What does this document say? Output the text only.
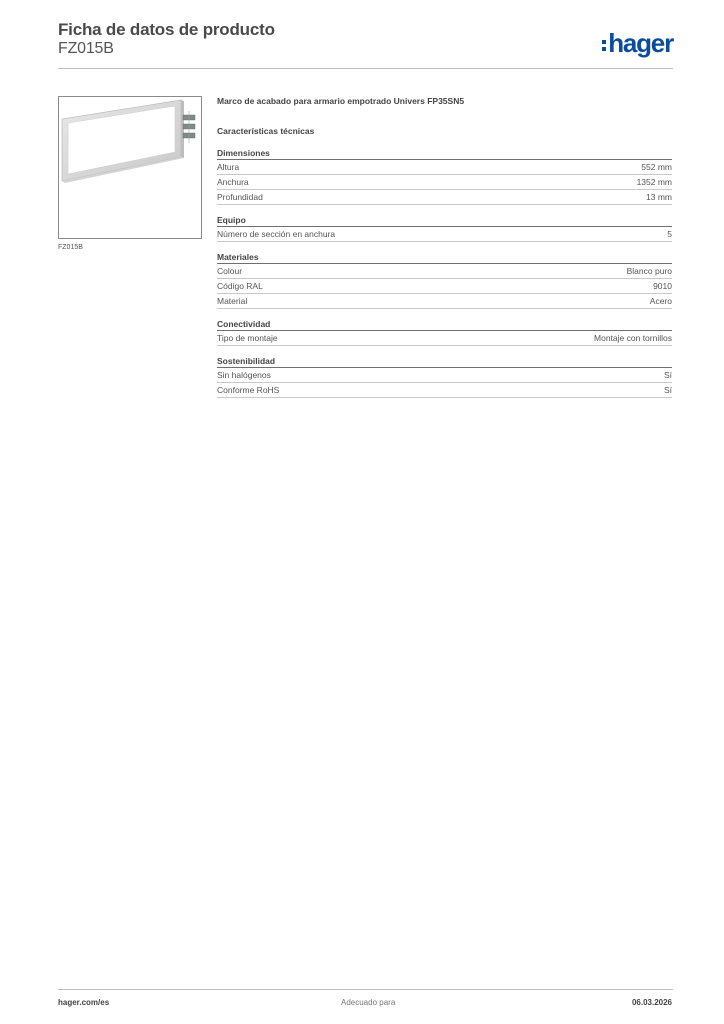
Ficha de datos de producto
FZ015B	hager
FZ015B
Marco de acabado para armario empotrado Univers FP35SN5
Características técnicas
Dimensiones
Altura	552 mm
Anchura	1352 mm
Profundidad	13 mm
Equipo
Número de sección en anchura	5
Materiales
Colour	Blanco puro
Código RAL	9010
Material	Acero
Conectividad
Tipo de montaje	Montaje con tornillos
Sostenibilidad
Sin halógenos	Sí
Conforme RoHS	Sí
hager.com/es	Adecuado para	06.03.2026
